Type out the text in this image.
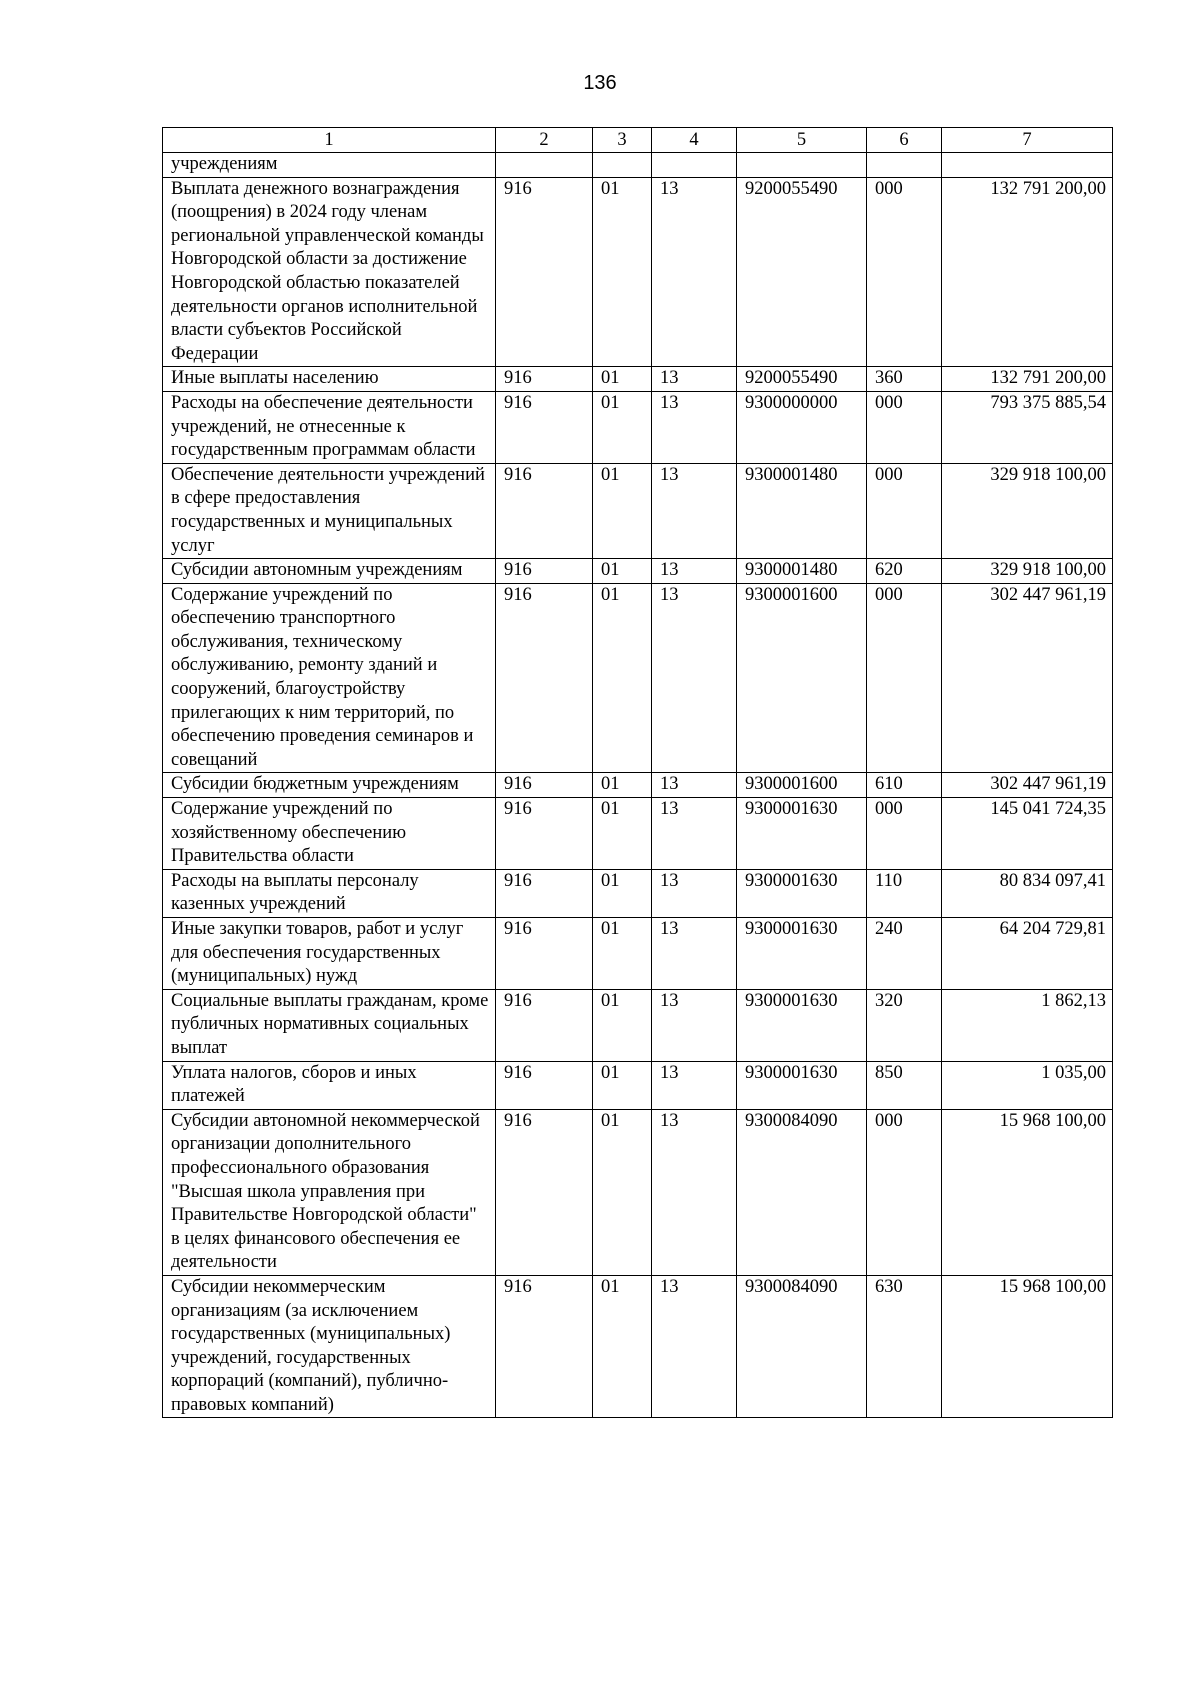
136
1	2	3	4	5	6	7
учреждениям						
Выплата денежного вознаграждения (поощрения) в 2024 году членам региональной управленческой команды Новгородской области за достижение Новгородской областью показателей деятельности органов исполнительной власти субъектов Российской Федерации	916	01	13	9200055490	000	132 791 200,00
Иные выплаты населению	916	01	13	9200055490	360	132 791 200,00
Расходы на обеспечение деятельности учреждений, не отнесенные к государственным программам области	916	01	13	9300000000	000	793 375 885,54
Обеспечение деятельности учреждений в сфере предоставления государственных и муниципальных услуг	916	01	13	9300001480	000	329 918 100,00
Субсидии автономным учреждениям	916	01	13	9300001480	620	329 918 100,00
Содержание учреждений по обеспечению транспортного обслуживания, техническому обслуживанию, ремонту зданий и сооружений, благоустройству прилегающих к ним территорий, по обеспечению проведения семинаров и совещаний	916	01	13	9300001600	000	302 447 961,19
Субсидии бюджетным учреждениям	916	01	13	9300001600	610	302 447 961,19
Содержание учреждений по хозяйственному обеспечению Правительства области	916	01	13	9300001630	000	145 041 724,35
Расходы на выплаты персоналу казенных учреждений	916	01	13	9300001630	110	80 834 097,41
Иные закупки товаров, работ и услуг для обеспечения государственных (муниципальных) нужд	916	01	13	9300001630	240	64 204 729,81
Социальные выплаты гражданам, кроме публичных нормативных социальных выплат	916	01	13	9300001630	320	1 862,13
Уплата налогов, сборов и иных платежей	916	01	13	9300001630	850	1 035,00
Субсидии автономной некоммерческой организации дополнительного профессионального образования "Высшая школа управления при Правительстве Новгородской области" в целях финансового обеспечения ее деятельности	916	01	13	9300084090	000	15 968 100,00
Субсидии некоммерческим организациям (за исключением государственных (муниципальных) учреждений, государственных корпораций (компаний), публично-правовых компаний)	916	01	13	9300084090	630	15 968 100,00
